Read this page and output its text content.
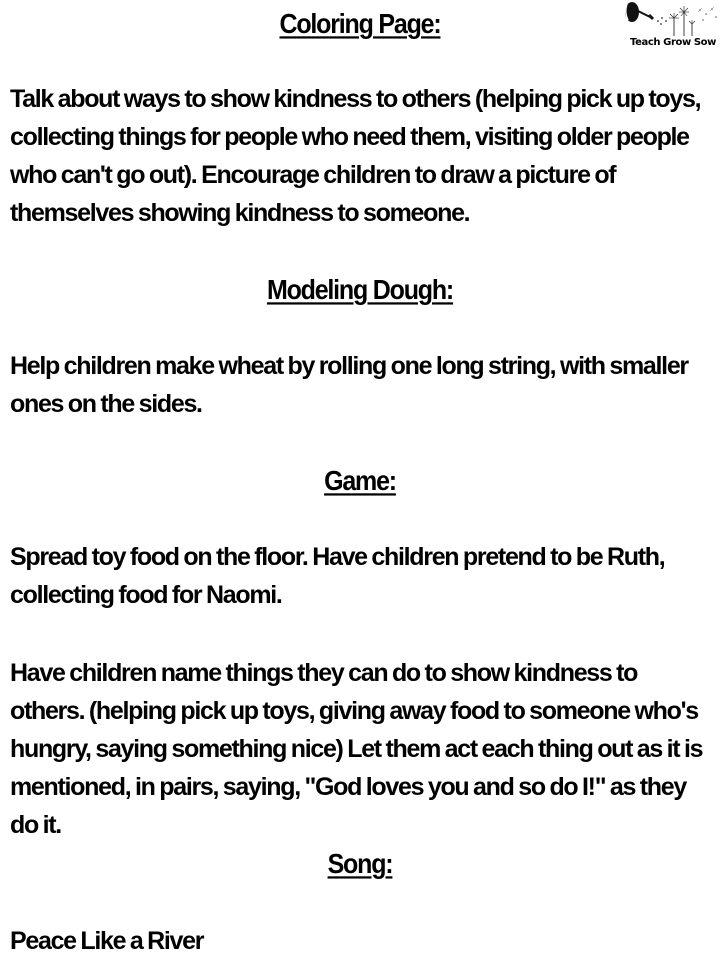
Teach Grow Sow
Coloring Page:
Talk about ways to show kindness to others (helping pick up toys, collecting things for people who need them, visiting older people who can't go out). Encourage children to draw a picture of themselves showing kindness to someone.
Modeling Dough:
Help children make wheat by rolling one long string, with smaller ones on the sides.
Game:
Spread toy food on the floor. Have children pretend to be Ruth, collecting food for Naomi.
Have children name things they can do to show kindness to others. (helping pick up toys, giving away food to someone who's hungry, saying something nice) Let them act each thing out as it is mentioned, in pairs, saying, "God loves you and so do I!" as they do it.
Song:
Peace Like a River
